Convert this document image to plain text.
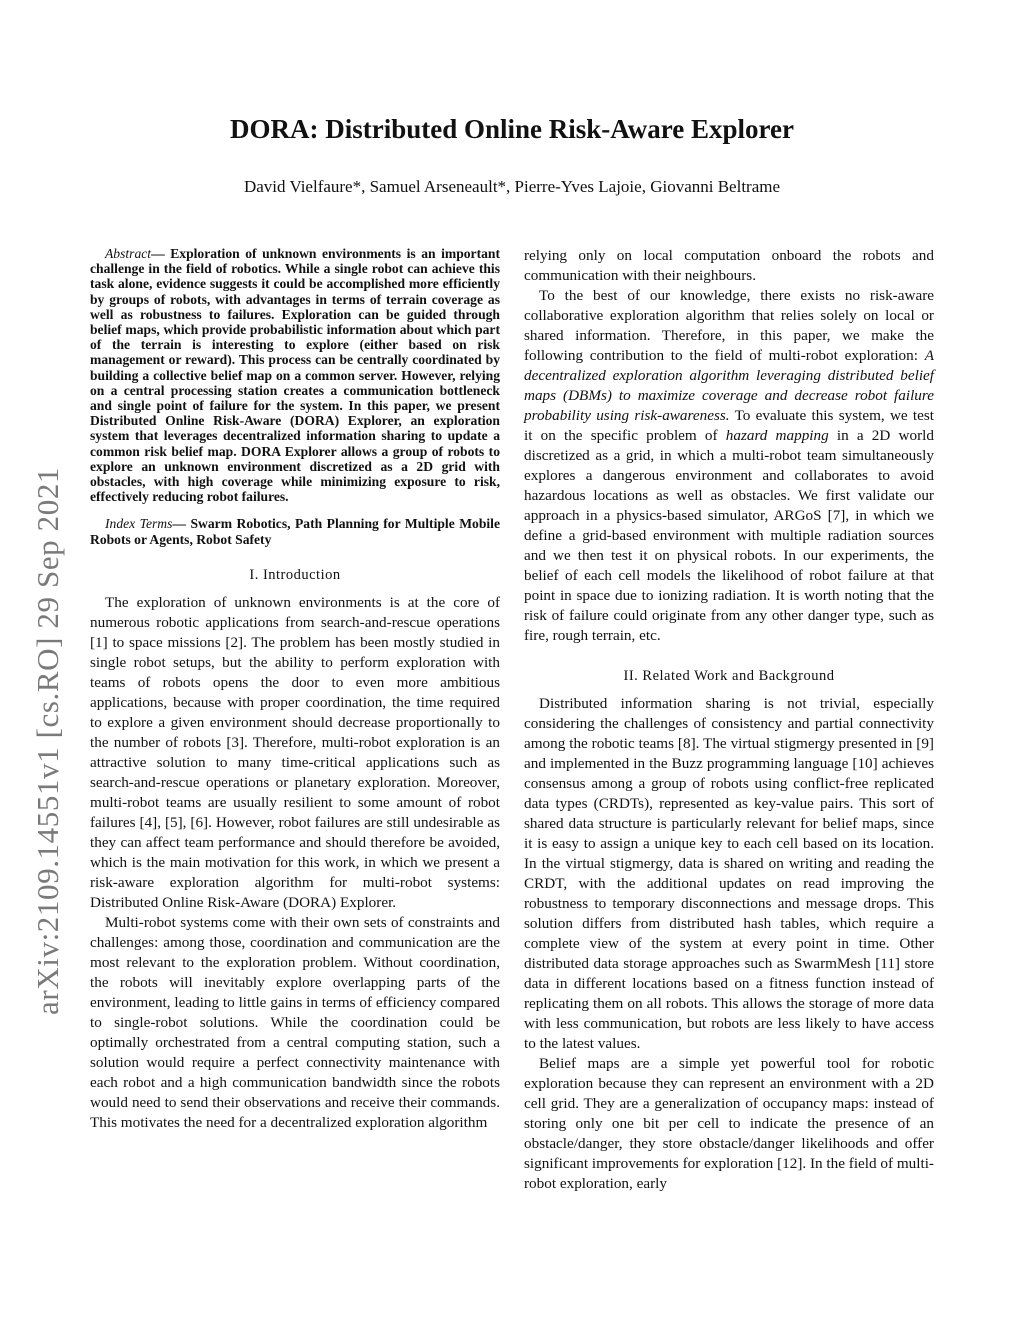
arXiv:2109.14551v1 [cs.RO] 29 Sep 2021
DORA: Distributed Online Risk-Aware Explorer
David Vielfaure*, Samuel Arseneault*, Pierre-Yves Lajoie, Giovanni Beltrame

Abstract— Exploration of unknown environments is an important challenge in the field of robotics. While a single robot can achieve this task alone, evidence suggests it could be accomplished more efficiently by groups of robots, with advantages in terms of terrain coverage as well as robustness to failures. Exploration can be guided through belief maps, which provide probabilistic information about which part of the terrain is interesting to explore (either based on risk management or reward). This process can be centrally coordinated by building a collective belief map on a common server. However, relying on a central processing station creates a communication bottleneck and single point of failure for the system. In this paper, we present Distributed Online Risk-Aware (DORA) Explorer, an exploration system that leverages decentralized information sharing to update a common risk belief map. DORA Explorer allows a group of robots to explore an unknown environment discretized as a 2D grid with obstacles, with high coverage while minimizing exposure to risk, effectively reducing robot failures.

Index Terms— Swarm Robotics, Path Planning for Multiple Mobile Robots or Agents, Robot Safety

I. Introduction

The exploration of unknown environments is at the core of numerous robotic applications from search-and-rescue operations [1] to space missions [2]. The problem has been mostly studied in single robot setups, but the ability to perform exploration with teams of robots opens the door to even more ambitious applications, because with proper coordination, the time required to explore a given environment should decrease proportionally to the number of robots [3]. Therefore, multi-robot exploration is an attractive solution to many time-critical applications such as search-and-rescue operations or planetary exploration. Moreover, multi-robot teams are usually resilient to some amount of robot failures [4], [5], [6]. However, robot failures are still undesirable as they can affect team performance and should therefore be avoided, which is the main motivation for this work, in which we present a risk-aware exploration algorithm for multi-robot systems: Distributed Online Risk-Aware (DORA) Explorer.

Multi-robot systems come with their own sets of constraints and challenges: among those, coordination and communication are the most relevant to the exploration problem. Without coordination, the robots will inevitably explore overlapping parts of the environment, leading to little gains in terms of efficiency compared to single-robot solutions. While the coordination could be optimally orchestrated from a central computing station, such a solution would require a perfect connectivity maintenance with each robot and a high communication bandwidth since the robots would need to send their observations and receive their commands. This motivates the need for a decentralized exploration algorithm

relying only on local computation onboard the robots and communication with their neighbours.

To the best of our knowledge, there exists no risk-aware collaborative exploration algorithm that relies solely on local or shared information. Therefore, in this paper, we make the following contribution to the field of multi-robot exploration: A decentralized exploration algorithm leveraging distributed belief maps (DBMs) to maximize coverage and decrease robot failure probability using risk-awareness. To evaluate this system, we test it on the specific problem of hazard mapping in a 2D world discretized as a grid, in which a multi-robot team simultaneously explores a dangerous environment and collaborates to avoid hazardous locations as well as obstacles. We first validate our approach in a physics-based simulator, ARGoS [7], in which we define a grid-based environment with multiple radiation sources and we then test it on physical robots. In our experiments, the belief of each cell models the likelihood of robot failure at that point in space due to ionizing radiation. It is worth noting that the risk of failure could originate from any other danger type, such as fire, rough terrain, etc.

II. Related Work and Background

Distributed information sharing is not trivial, especially considering the challenges of consistency and partial connectivity among the robotic teams [8]. The virtual stigmergy presented in [9] and implemented in the Buzz programming language [10] achieves consensus among a group of robots using conflict-free replicated data types (CRDTs), represented as key-value pairs. This sort of shared data structure is particularly relevant for belief maps, since it is easy to assign a unique key to each cell based on its location. In the virtual stigmergy, data is shared on writing and reading the CRDT, with the additional updates on read improving the robustness to temporary disconnections and message drops. This solution differs from distributed hash tables, which require a complete view of the system at every point in time. Other distributed data storage approaches such as SwarmMesh [11] store data in different locations based on a fitness function instead of replicating them on all robots. This allows the storage of more data with less communication, but robots are less likely to have access to the latest values.

Belief maps are a simple yet powerful tool for robotic exploration because they can represent an environment with a 2D cell grid. They are a generalization of occupancy maps: instead of storing only one bit per cell to indicate the presence of an obstacle/danger, they store obstacle/danger likelihoods and offer significant improvements for exploration [12]. In the field of multi-robot exploration, early
